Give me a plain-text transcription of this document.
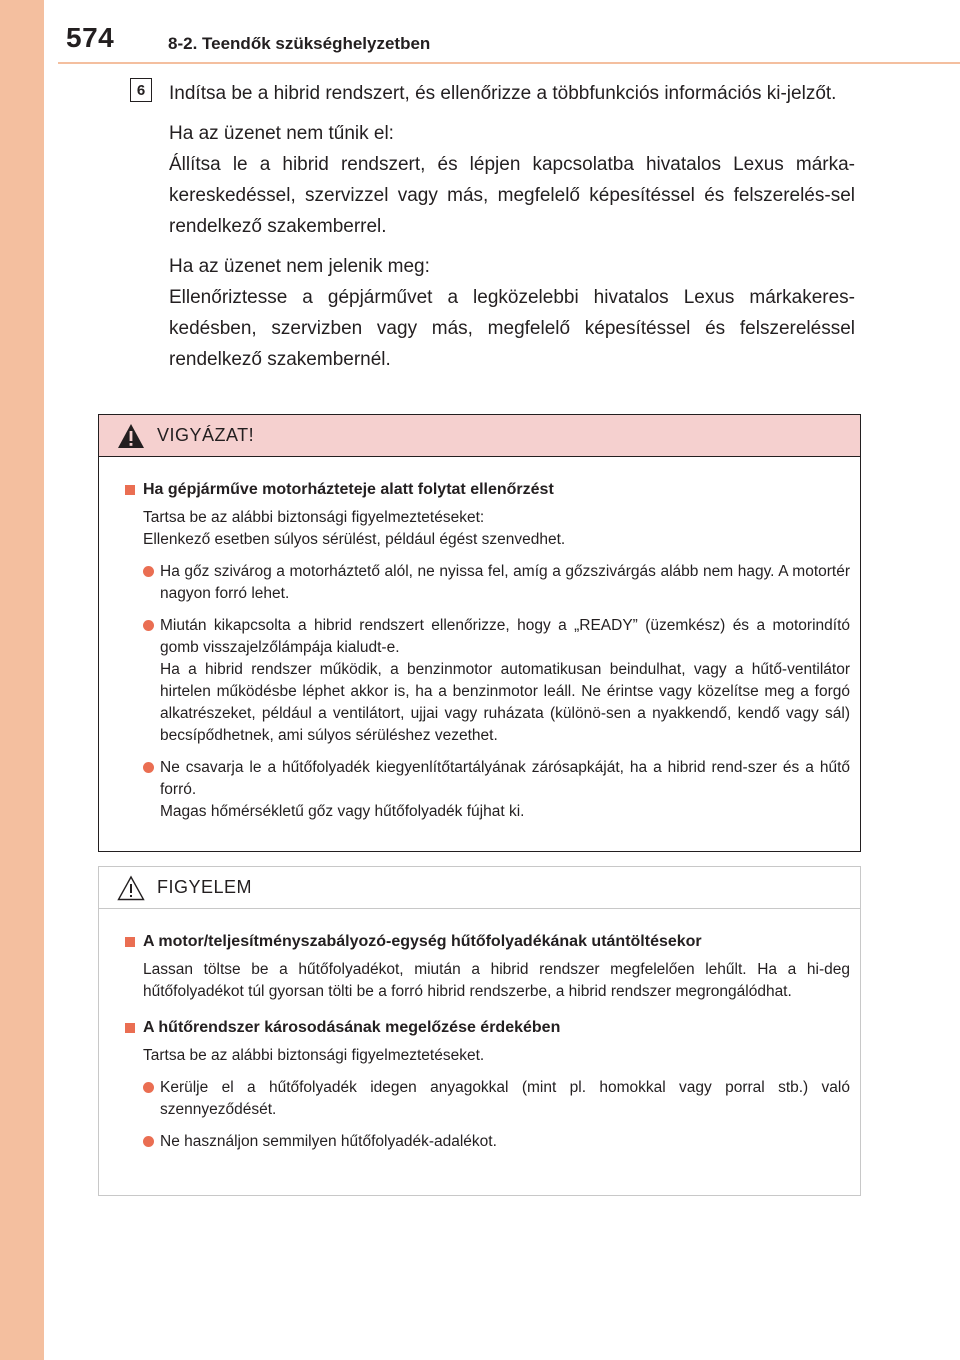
574	8-2. Teendők szükséghelyzetben
6	Indítsa be a hibrid rendszert, és ellenőrizze a többfunkciós információs ki-jelzőt.

Ha az üzenet nem tűnik el:

Állítsa le a hibrid rendszert, és lépjen kapcsolatba hivatalos Lexus márka-kereskedéssel, szervizzel vagy más, megfelelő képesítéssel és felszerelés-sel rendelkező szakemberrel.

Ha az üzenet nem jelenik meg:

Ellenőriztesse a gépjárművet a legközelebbi hivatalos Lexus márkakeres-kedésben, szervizben vagy más, megfelelő képesítéssel és felszereléssel rendelkező szakembernél.

VIGYÁZAT!
Ha gépjárműve motorházteteje alatt folytat ellenőrzést

Tartsa be az alábbi biztonsági figyelmeztetéseket:
Ellenkező esetben súlyos sérülést, például égést szenvedhet.

Ha gőz szivárog a motorháztető alól, ne nyissa fel, amíg a gőzszivárgás alább nem hagy. A motortér nagyon forró lehet.
Miután kikapcsolta a hibrid rendszert ellenőrizze, hogy a „READY” (üzemkész) és a motorindító gomb visszajelzőlámpája kialudt-e.
Ha a hibrid rendszer működik, a benzinmotor automatikusan beindulhat, vagy a hűtő-ventilátor hirtelen működésbe léphet akkor is, ha a benzinmotor leáll. Ne érintse vagy közelítse meg a forgó alkatrészeket, például a ventilátort, ujjai vagy ruházata (különö-sen a nyakkendő, kendő vagy sál) becsípődhetnek, ami súlyos sérüléshez vezethet.
Ne csavarja le a hűtőfolyadék kiegyenlítőtartályának zárósapkáját, ha a hibrid rend-szer és a hűtő forró.
Magas hőmérsékletű gőz vagy hűtőfolyadék fújhat ki.
FIGYELEM
A motor/teljesítményszabályozó-egység hűtőfolyadékának utántöltésekor

Lassan töltse be a hűtőfolyadékot, miután a hibrid rendszer megfelelően lehűlt. Ha a hi-deg hűtőfolyadékot túl gyorsan tölti be a forró hibrid rendszerbe, a hibrid rendszer megrongálódhat.

A hűtőrendszer károsodásának megelőzése érdekében

Tartsa be az alábbi biztonsági figyelmeztetéseket.

Kerülje el a hűtőfolyadék idegen anyagokkal (mint pl. homokkal vagy porral stb.) való szennyeződését.
Ne használjon semmilyen hűtőfolyadék-adalékot.
